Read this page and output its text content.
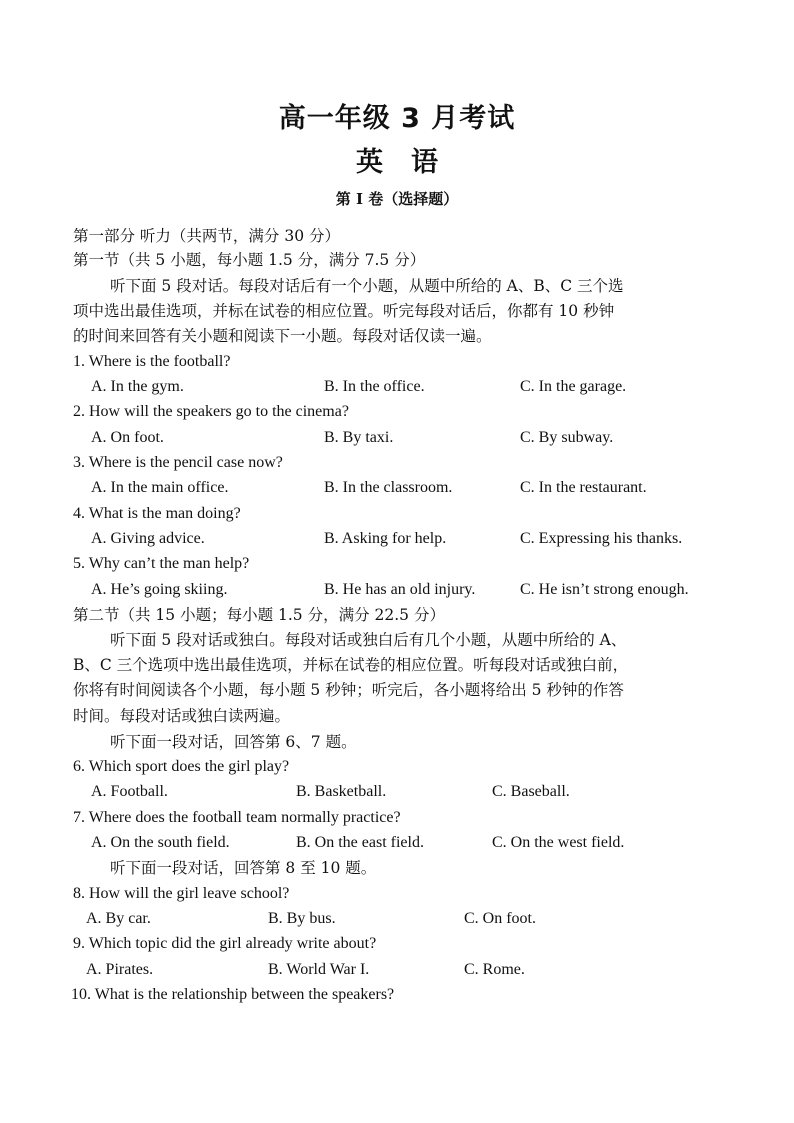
高一年级 3 月考试
英 语
第 I 卷（选择题）
第一部分 听力（共两节，满分 30 分）
第一节（共 5 小题，每小题 1.5 分，满分 7.5 分）
听下面 5 段对话。每段对话后有一个小题，从题中所给的 A、B、C 三个选
项中选出最佳选项，并标在试卷的相应位置。听完每段对话后，你都有 10 秒钟
的时间来回答有关小题和阅读下一小题。每段对话仅读一遍。
1. Where is the football?
A. In the gym.	B. In the office.	C. In the garage.
2. How will the speakers go to the cinema?
A. On foot.	B. By taxi.	C. By subway.
3. Where is the pencil case now?
A. In the main office.	B. In the classroom.	C. In the restaurant.
4. What is the man doing?
A. Giving advice.	B. Asking for help.	C. Expressing his thanks.
5. Why can’t the man help?
A. He’s going skiing.	B. He has an old injury.	C. He isn’t strong enough.
第二节（共 15 小题；每小题 1.5 分，满分 22.5 分）
听下面 5 段对话或独白。每段对话或独白后有几个小题，从题中所给的 A、
B、C 三个选项中选出最佳选项，并标在试卷的相应位置。听每段对话或独白前，
你将有时间阅读各个小题，每小题 5 秒钟；听完后，各小题将给出 5 秒钟的作答
时间。每段对话或独白读两遍。
听下面一段对话，回答第 6、7 题。
6. Which sport does the girl play?
A. Football.	B. Basketball.	C. Baseball.
7. Where does the football team normally practice?
A. On the south field.	B. On the east field.	C. On the west field.
听下面一段对话，回答第 8 至 10 题。
8. How will the girl leave school?
A. By car.	B. By bus.	C. On foot.
9. Which topic did the girl already write about?
A. Pirates.	B. World War I.	C. Rome.
10. What is the relationship between the speakers?
